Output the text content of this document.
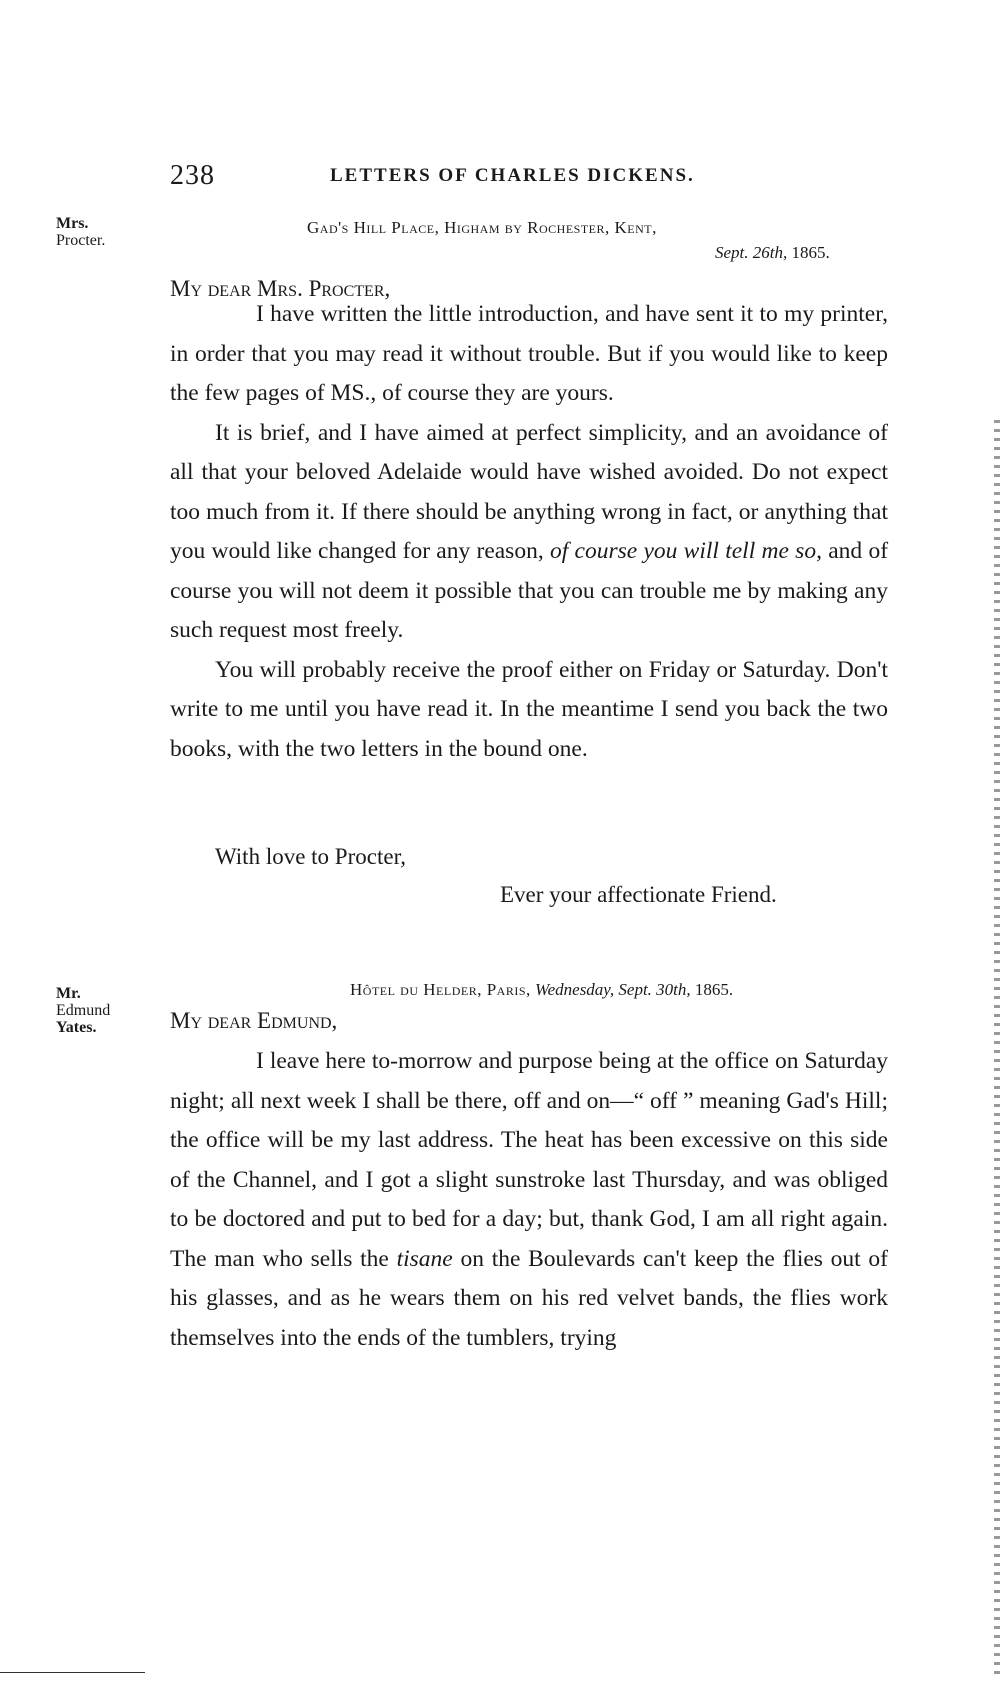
238	LETTERS OF CHARLES DICKENS.
Mrs.
Procter.
Gad's Hill Place, Higham by Rochester, Kent,
Sept. 26th, 1865.
My dear Mrs. Procter,

I have written the little introduction, and have sent it to my printer, in order that you may read it without trouble. But if you would like to keep the few pages of MS., of course they are yours.

It is brief, and I have aimed at perfect simplicity, and an avoidance of all that your beloved Adelaide would have wished avoided. Do not expect too much from it. If there should be anything wrong in fact, or anything that you would like changed for any reason, of course you will tell me so, and of course you will not deem it possible that you can trouble me by making any such request most freely.

You will probably receive the proof either on Friday or Saturday. Don't write to me until you have read it. In the meantime I send you back the two books, with the two letters in the bound one.

With love to Procter,
Ever your affectionate Friend.
Mr.
Edmund
Yates.
Hôtel du Helder, Paris, Wednesday, Sept. 30th, 1865.
My dear Edmund,

I leave here to-morrow and purpose being at the office on Saturday night; all next week I shall be there, off and on—“ off ” meaning Gad's Hill; the office will be my last address. The heat has been excessive on this side of the Channel, and I got a slight sunstroke last Thursday, and was obliged to be doctored and put to bed for a day; but, thank God, I am all right again. The man who sells the tisane on the Boulevards can't keep the flies out of his glasses, and as he wears them on his red velvet bands, the flies work themselves into the ends of the tumblers, trying
